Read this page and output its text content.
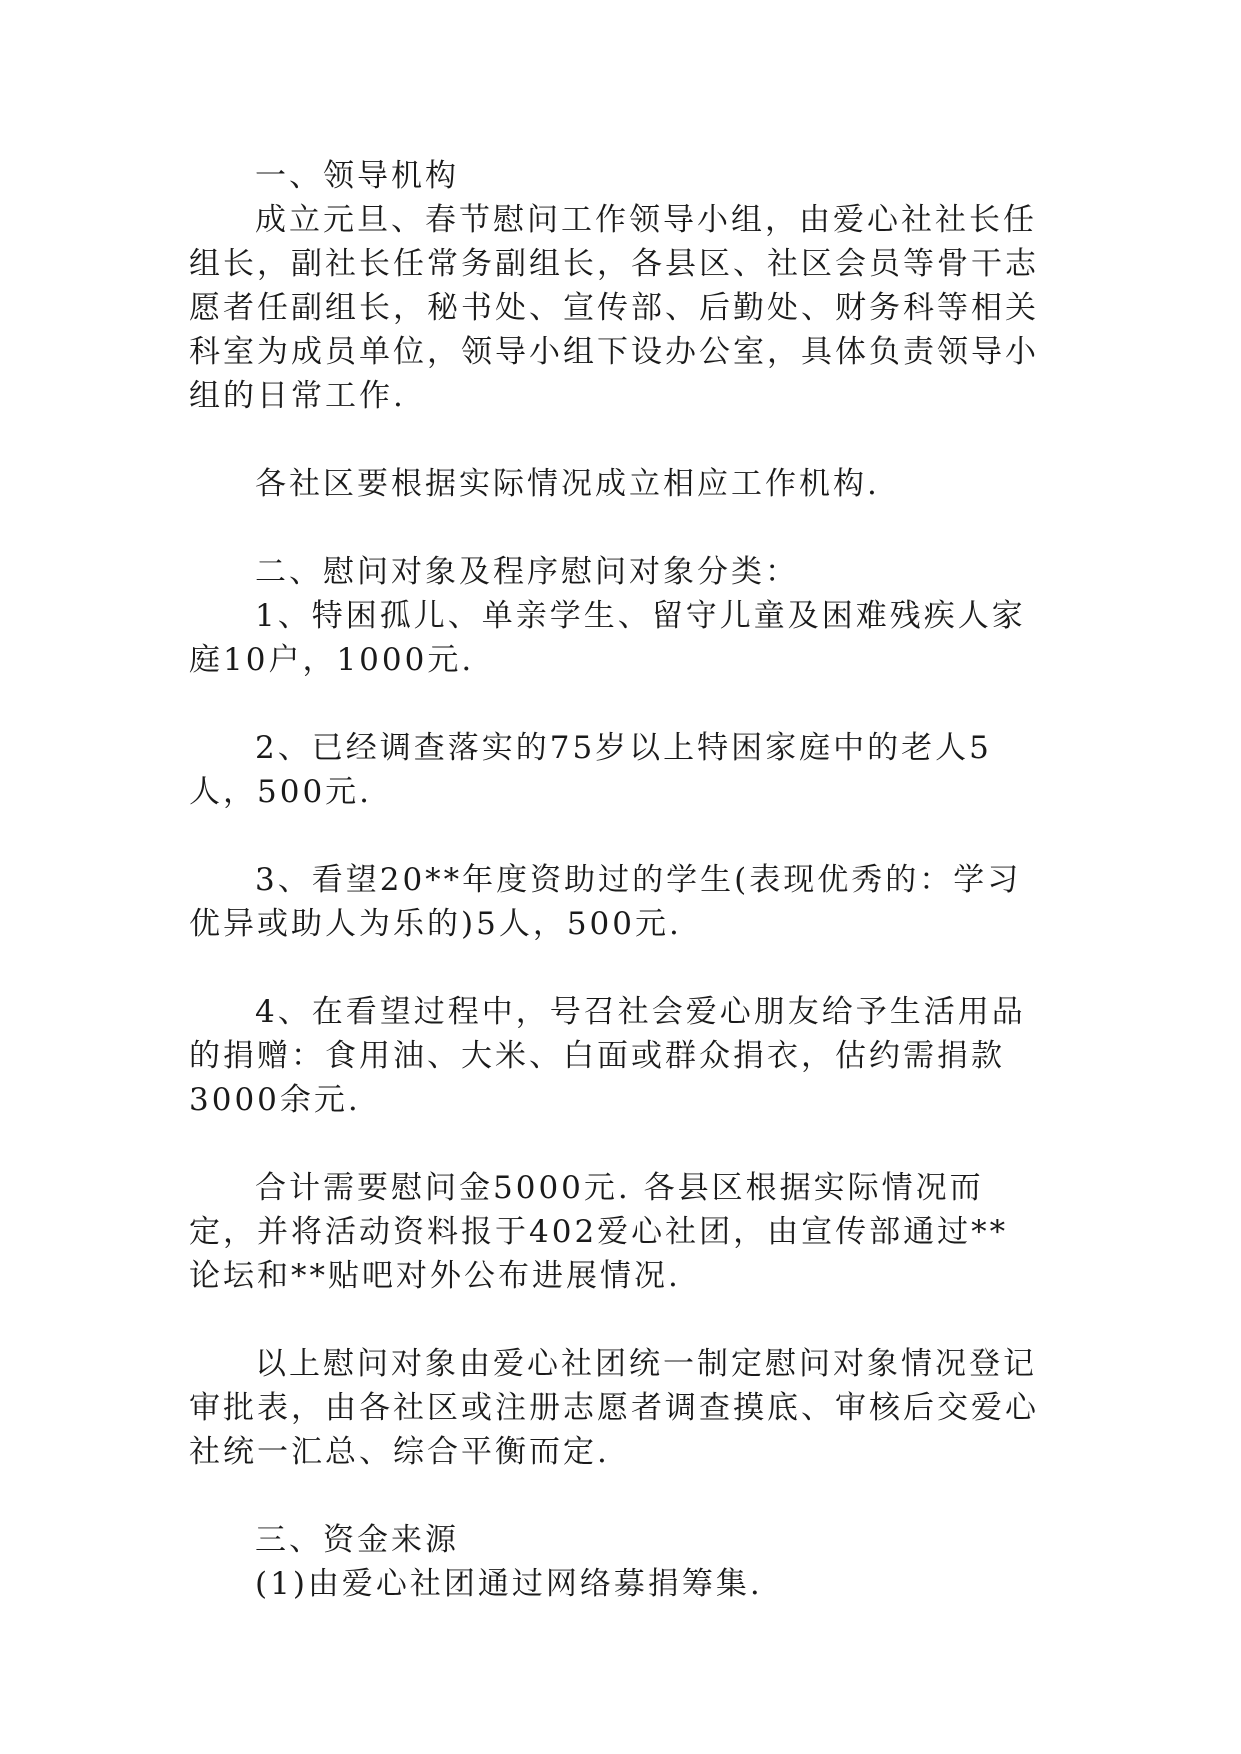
一、领导机构

成立元旦、春节慰问工作领导小组，由爱心社社长任组长，副社长任常务副组长，各县区、社区会员等骨干志愿者任副组长，秘书处、宣传部、后勤处、财务科等相关科室为成员单位，领导小组下设办公室，具体负责领导小组的日常工作.

各社区要根据实际情况成立相应工作机构.

二、慰问对象及程序慰问对象分类：

1、特困孤儿、单亲学生、留守儿童及困难残疾人家庭10户，1000元.

2、已经调查落实的75岁以上特困家庭中的老人5人，500元.

3、看望20**年度资助过的学生(表现优秀的：学习优异或助人为乐的)5人，500元.

4、在看望过程中，号召社会爱心朋友给予生活用品的捐赠：食用油、大米、白面或群众捐衣，估约需捐款3000余元.

合计需要慰问金5000元. 各县区根据实际情况而定，并将活动资料报于402爱心社团，由宣传部通过**论坛和**贴吧对外公布进展情况.

以上慰问对象由爱心社团统一制定慰问对象情况登记审批表，由各社区或注册志愿者调查摸底、审核后交爱心社统一汇总、综合平衡而定.

三、资金来源

(1)由爱心社团通过网络募捐筹集.
